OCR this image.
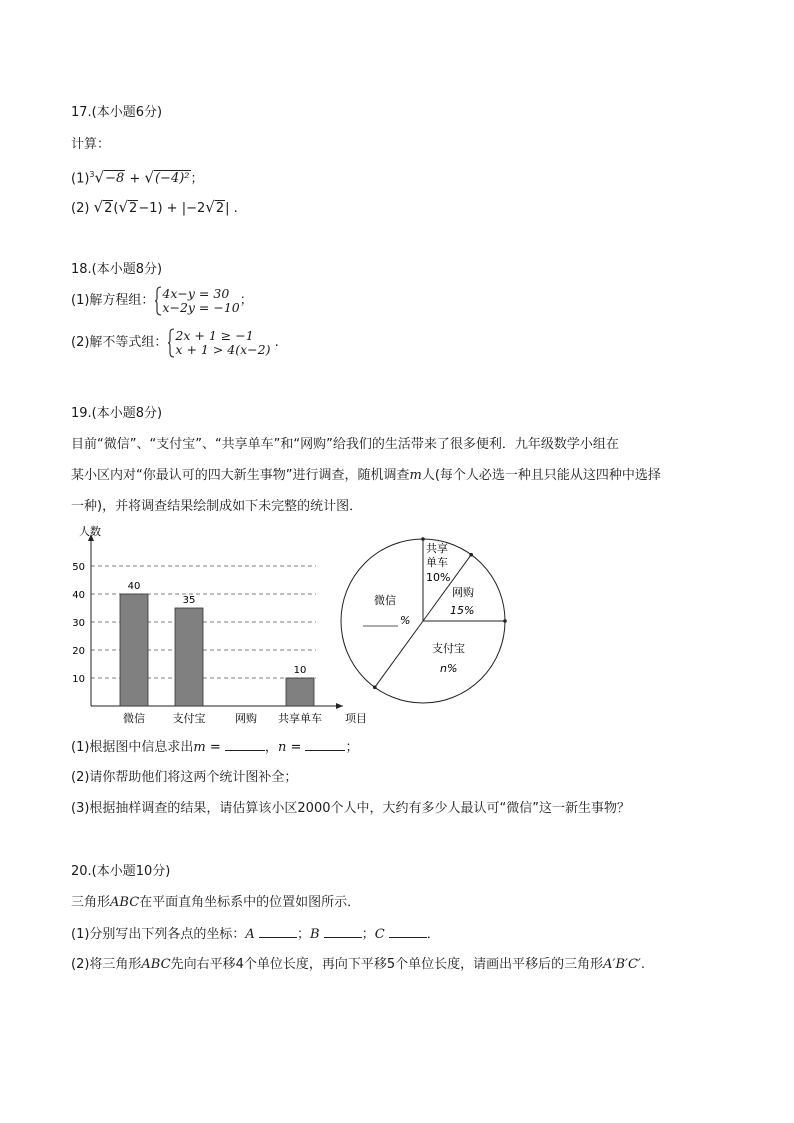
17.(本小题6分)
计算：
$(1)^3√-8 + √(-4)^2$；
(2) √2(√2−1) + |−2√2| .
18.(本小题8分)
(1)解方程组： 4x−y = 30
x−2y = −10 ；
(2)解不等式组： 2x + 1 ≥ −1
x + 1 > 4(x−2) .
19.(本小题8分)
目前“微信”、“支付宝”、“共享单车”和“网购”给我们的生活带来了很多便利．九年级数学小组在
某小区内对“你最认可的四大新生事物”进行调查，随机调查m人(每个人必选一种且只能从这四种中选择
一种)，并将调查结果绘制成如下未完整的统计图．
10
20
30
40
50
人数
项目
40
微信
35
支付宝	网购
10
共享单车
共享
单车
10%
网购
15%
支付宝
n%
微信
%
(1)根据图中信息求出m =	，n =	；
(2)请你帮助他们将这两个统计图补全；
(3)根据抽样调查的结果，请估算该小区2000个人中，大约有多少人最认可“微信”这一新生事物？
20.(本小题10分)
三角形ABC在平面直角坐标系中的位置如图所示．
(1)分别写出下列各点的坐标：A	；B	；C	．
(2)将三角形ABC先向右平移4个单位长度，再向下平移5个单位长度，请画出平移后的三角形A′B′C′.
